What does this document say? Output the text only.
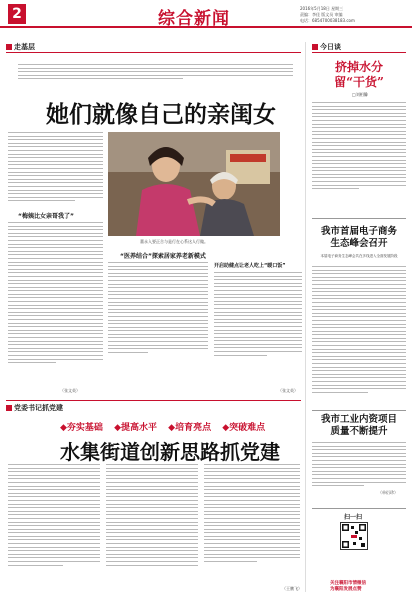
2	综合新闻
2016年5月18日 星期三
责编：李佳 版文员 审编
电话：6854700038183.com
走基层
她们就像自己的亲闺女
“梅姨比女亲哥我了”
董永入要正合与是行在心系这人行做。
“医养结合”探索居家养老新模式
开启助健点让老人吃上“暖口饭”
（张文英）
（张文英）
党委书记抓党建
◆夯实基础 ◆提高水平 ◆培育亮点 ◆突破难点
水集街道创新思路抓党建
（王鹏飞）
今日谈
挤掉水分
留“干货”
□刘相馨
我市首届电子商务
生态峰会召开
本届电子商务生态峰会共在多线进入全面发展阶段
我市工业内资项目
质量不断提升
（单衍珍）
扫一扫
关注襄阳市情微信
为襄阳发展点赞
